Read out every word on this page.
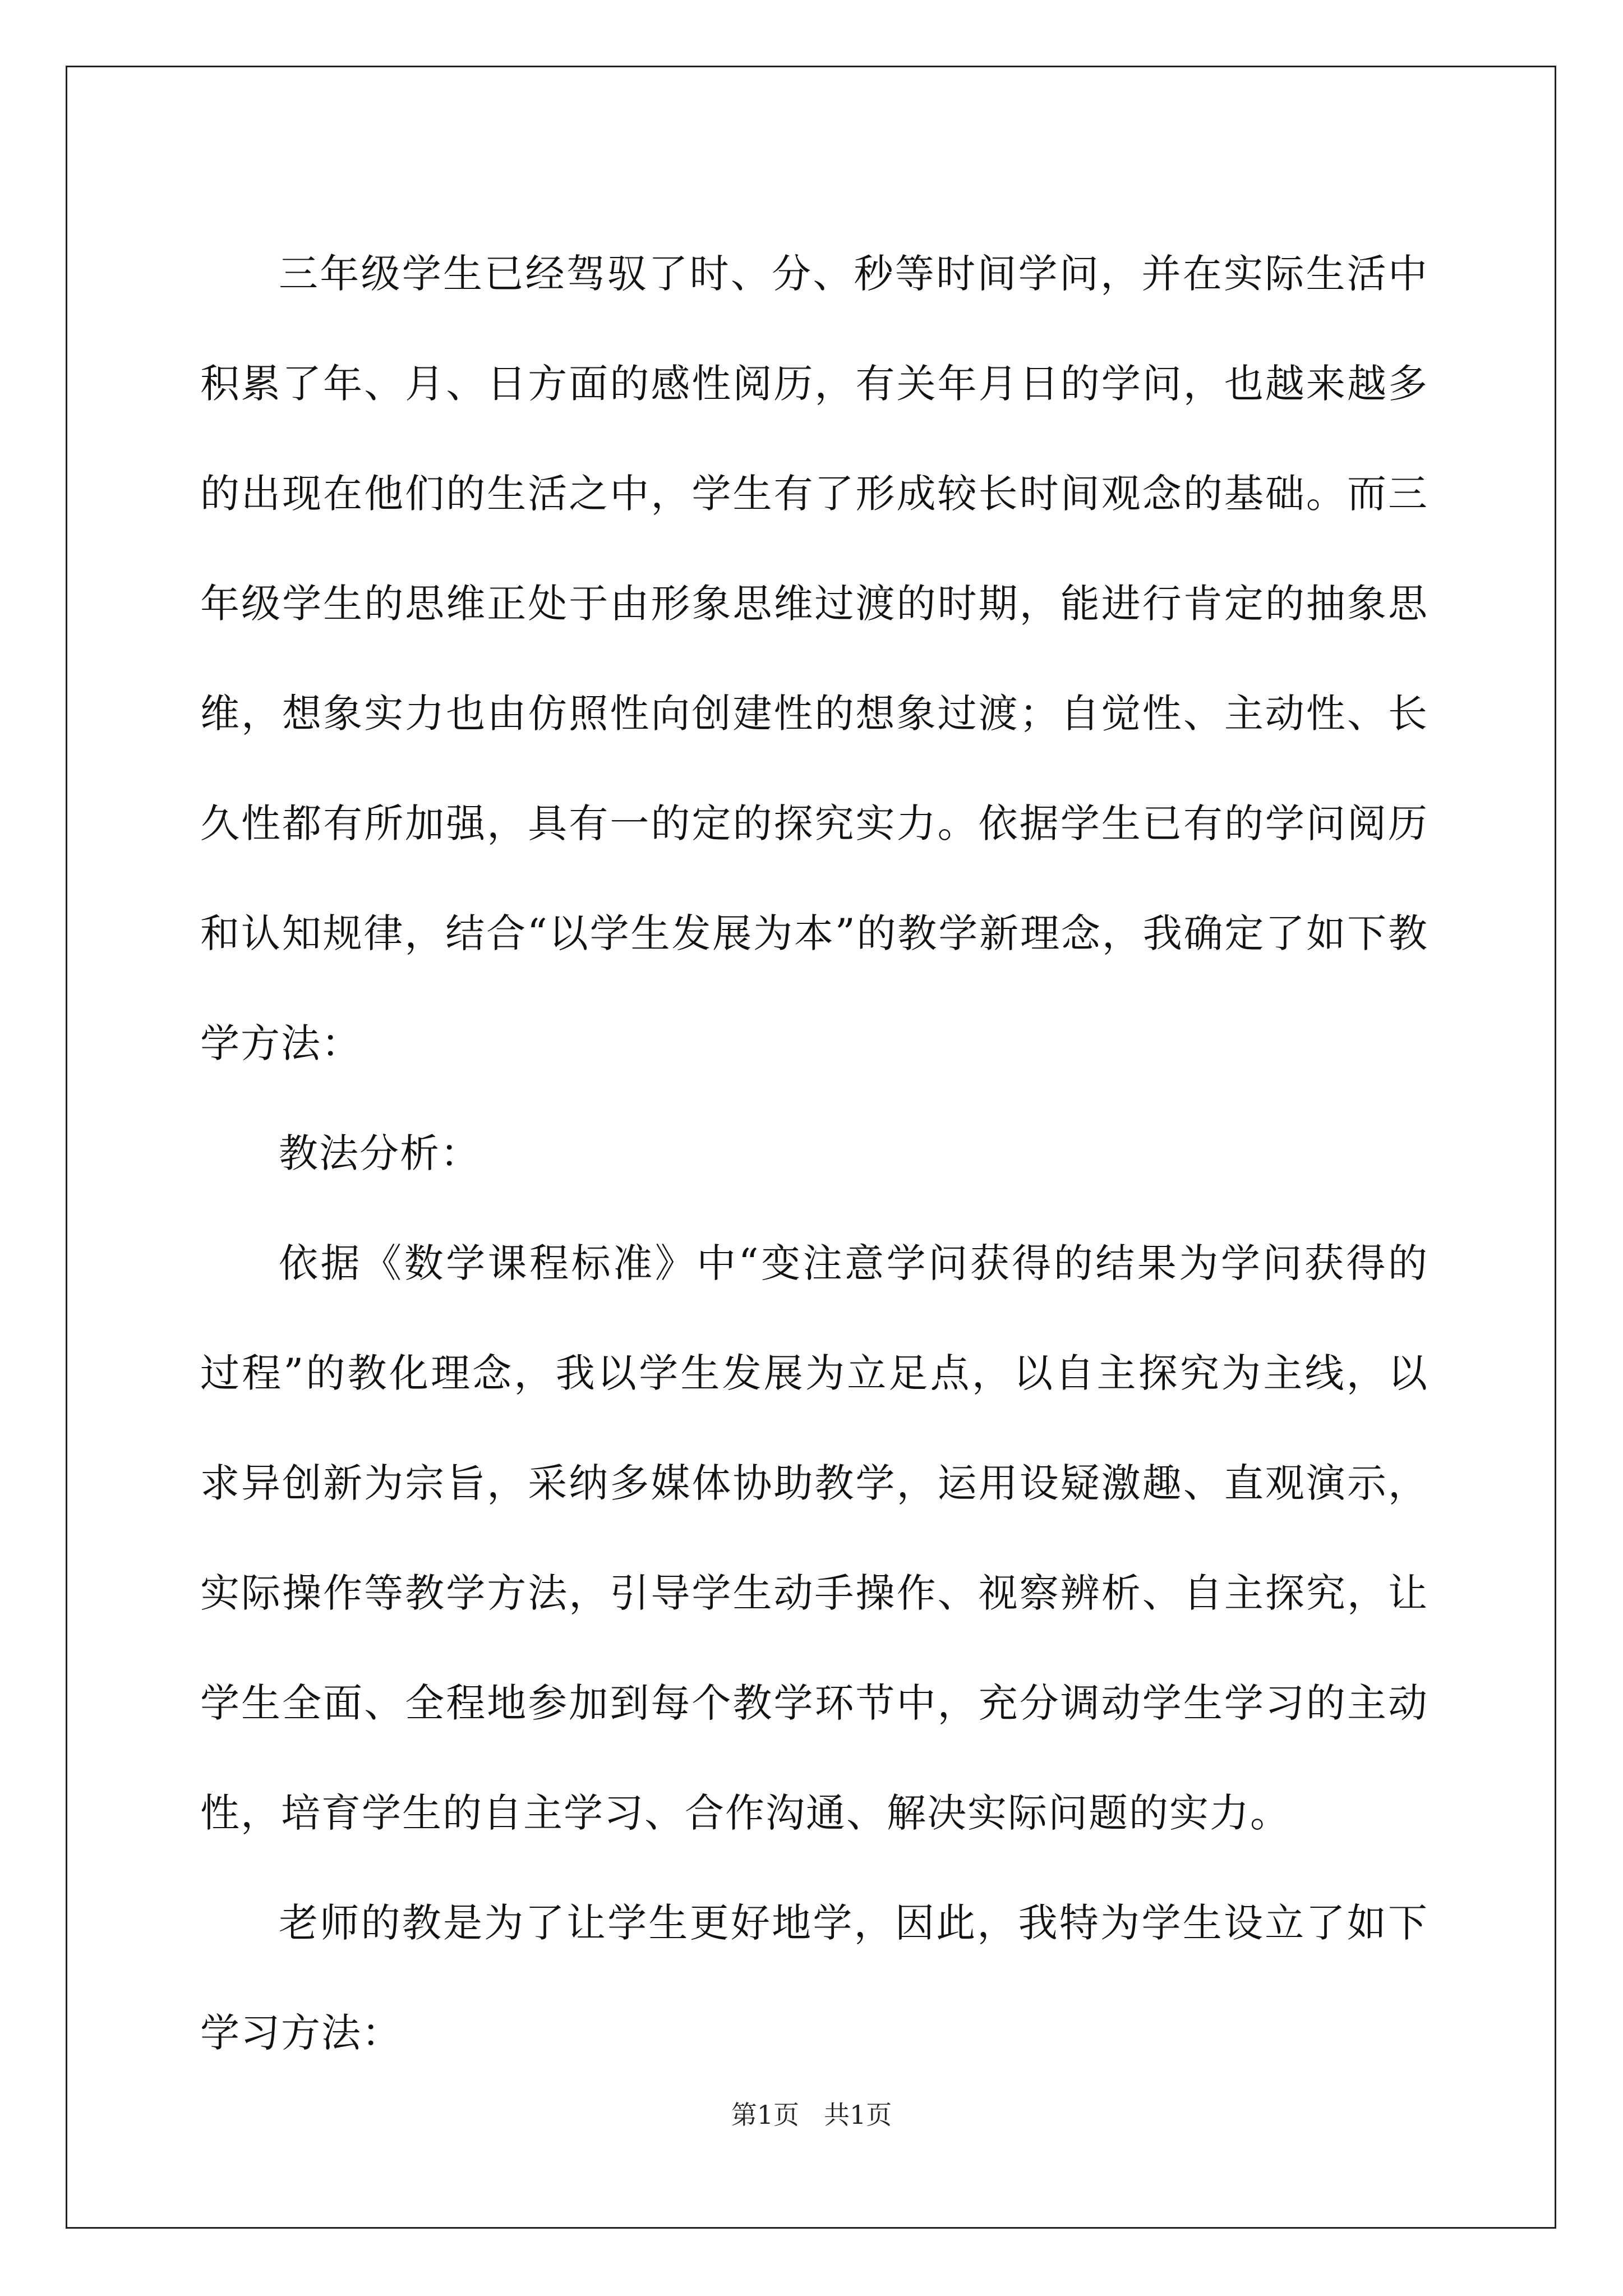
三年级学生已经驾驭了时、分、秒等时间学问，并在实际生活中积累了年、月、日方面的感性阅历，有关年月日的学问，也越来越多的出现在他们的生活之中，学生有了形成较长时间观念的基础。而三年级学生的思维正处于由形象思维过渡的时期，能进行肯定的抽象思维，想象实力也由仿照性向创建性的想象过渡；自觉性、主动性、长久性都有所加强，具有一的定的探究实力。依据学生已有的学问阅历和认知规律，结合“以学生发展为本”的教学新理念，我确定了如下教学方法：

教法分析：

依据《数学课程标准》中“变注意学问获得的结果为学问获得的过程”的教化理念，我以学生发展为立足点，以自主探究为主线，以求异创新为宗旨，采纳多媒体协助教学，运用设疑激趣、直观演示，实际操作等教学方法，引导学生动手操作、视察辨析、自主探究，让学生全面、全程地参加到每个教学环节中，充分调动学生学习的主动性，培育学生的自主学习、合作沟通、解决实际问题的实力。

老师的教是为了让学生更好地学，因此，我特为学生设立了如下学习方法：

第1页 共1页
